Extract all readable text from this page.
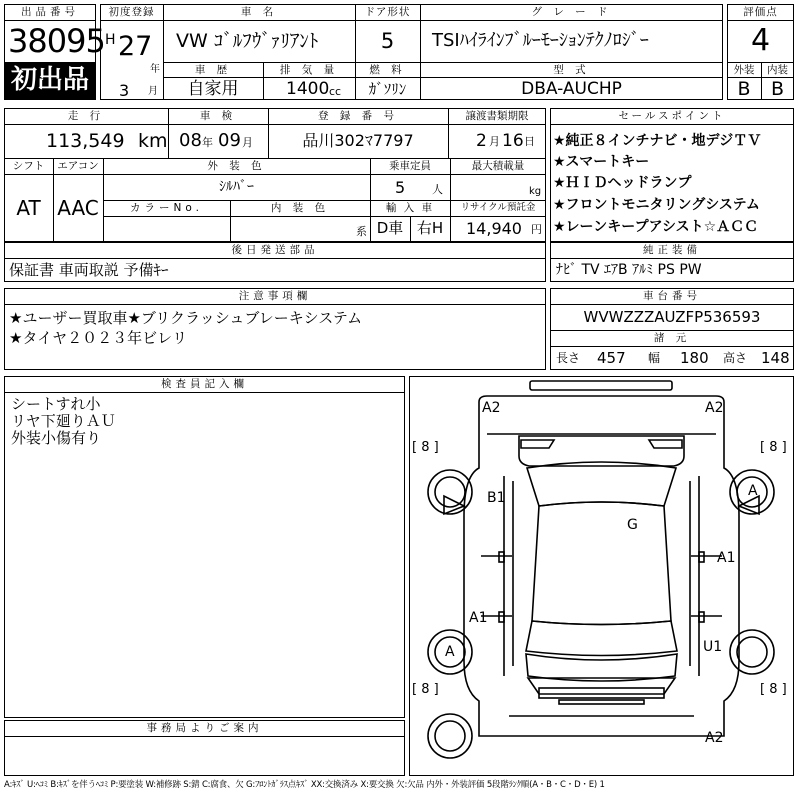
出品番号
38095
初出品
初度登録
H 27
年
3 月
車 名
VW ｺﾞﾙﾌｳﾞｧﾘｱﾝﾄ
ドア形状
5
グ レ ー ド
TSIﾊｲﾗｲﾝﾌﾞﾙｰﾓｰｼｮﾝﾃｸﾉﾛｼﾞｰ
車 歴
自家用
排 気 量
1400 cc
燃 料
ｶﾞｿﾘﾝ
型 式
DBA-AUCHP
評価点
4
外装	内装
B	B
走 行
113,549 km
車 検
08 年 09 月
登 録 番 号
品川302ﾏ7797
譲渡書類期限
2 月 16 日
シフト
AT
エアコン
AAC
外 装 色
ｼﾙﾊﾞｰ
乗車定員
5 人
最大積載量
kg
カラーNo.	内 装 色
系
輸 入 車
D車 右H
リサイクル預託金
14,940 円
セールスポイント
★純正８インチナビ・地デジＴＶ
★スマートキー
★ＨＩＤヘッドランプ
★フロントモニタリングシステム
★レーンキープアシスト☆ＡＣＣ
後日発送部品
保証書 車両取説 予備ｷｰ
純正装備
ﾅﾋﾞ TV ｴｱB ｱﾙﾐ PS PW
注意事項欄
★ユーザー買取車★ブリクラッシュブレーキシステム
★タイヤ２０２３年ビレリ
車台番号
WVWZZZAUZFP536593
諸 元
長さ 457 幅 180 高さ 148
検査員記入欄
シートすれ小
リヤ下廻りＡＵ
外装小傷有り
事務局よりご案内
A2	A2
[ 8 ]	[ 8 ]
B1	A
G
A1
A1
A	U1
[ 8 ]	[ 8 ]
A2
A:ｷｽﾞ U:ﾍｺﾐ B:ｷｽﾞを伴うﾍｺﾐ P:要塗装 W:補修跡 S:錆 C:腐食、欠 G:ﾌﾛﾝﾄｶﾞﾗｽ点ｷｽﾞ XX:交換済み X:要交換 欠:欠品 内外・外装評価 5段階ﾗﾝｸ順(A・B・C・D・E) 1
